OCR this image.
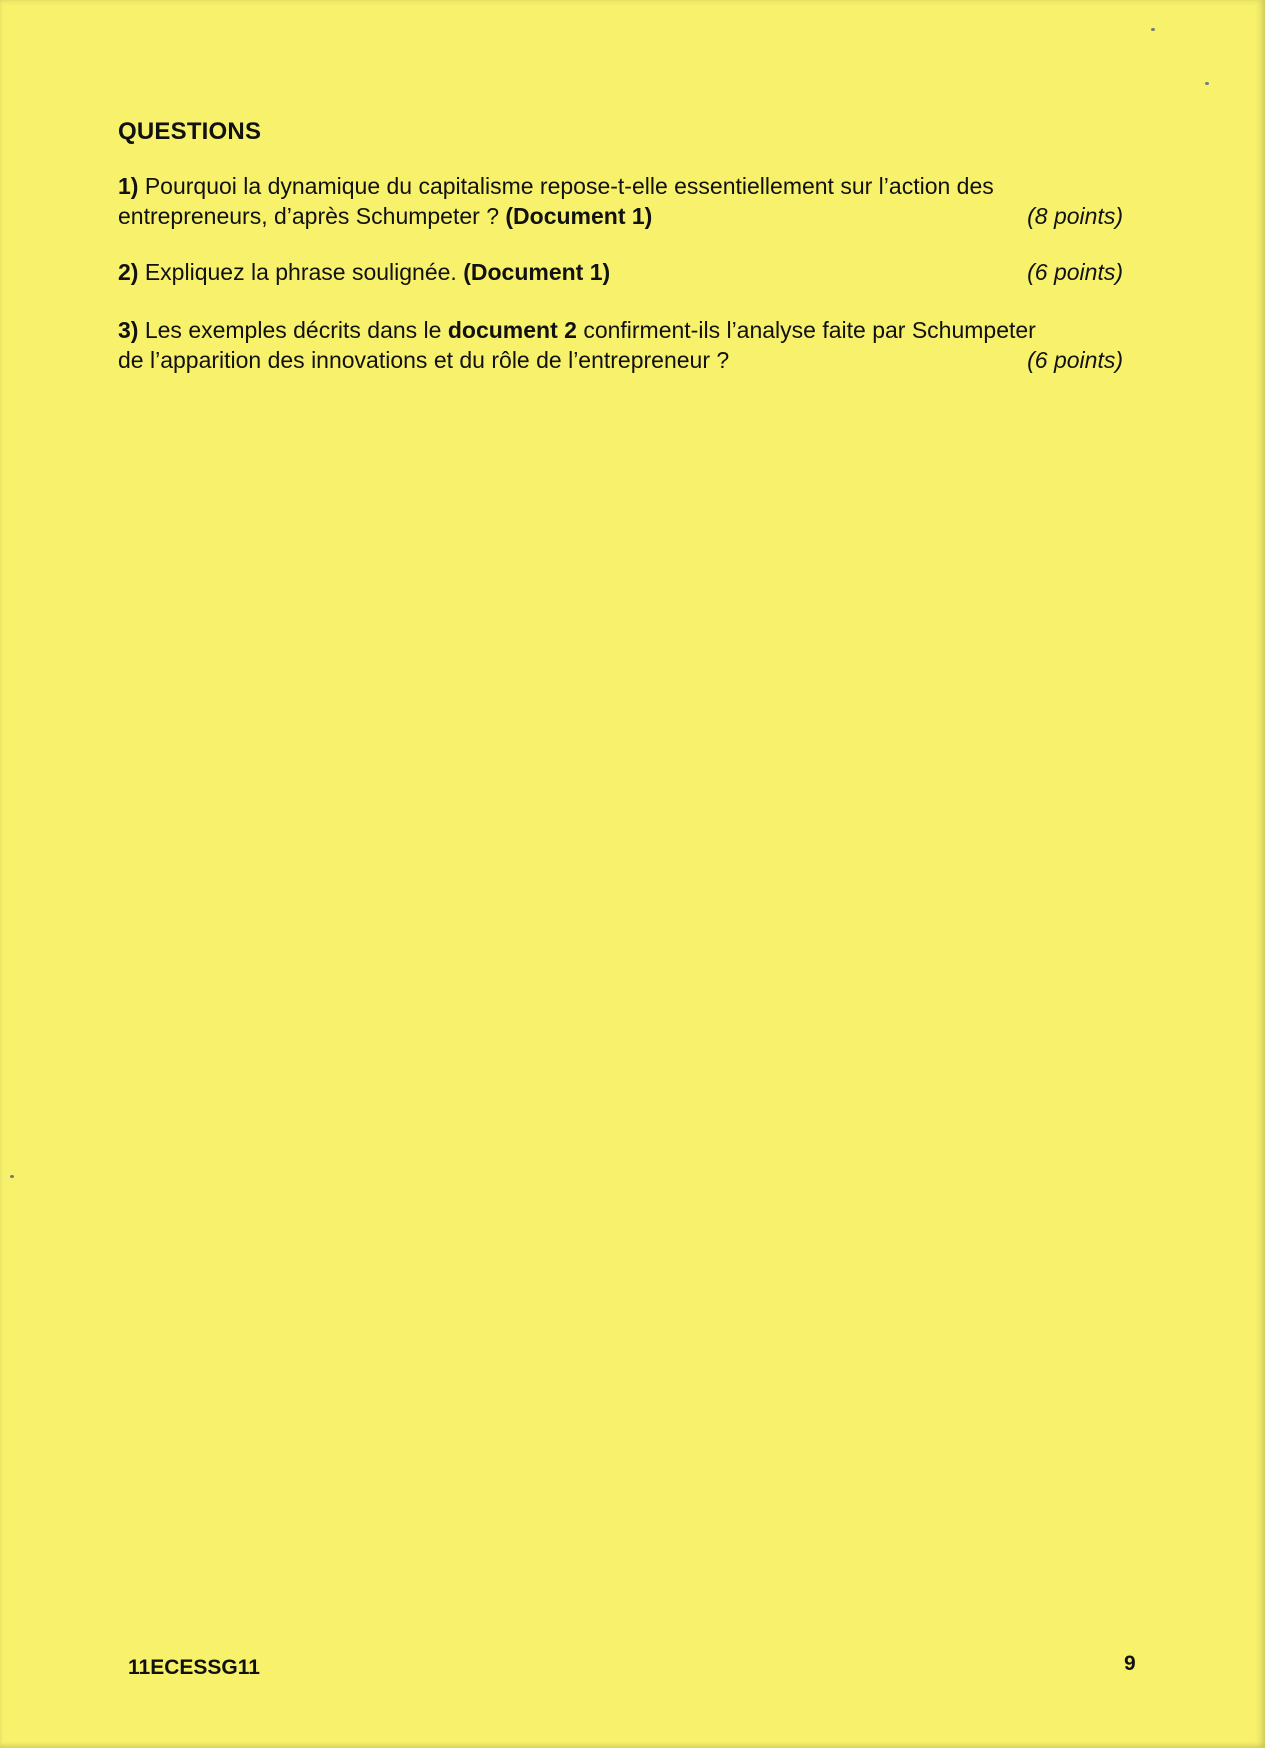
QUESTIONS
1) Pourquoi la dynamique du capitalisme repose-t-elle essentiellement sur l’action des
entrepreneurs, d’après Schumpeter ? (Document 1)	(8 points)
2) Expliquez la phrase soulignée. (Document 1)	(6 points)
3) Les exemples décrits dans le document 2 confirment-ils l’analyse faite par Schumpeter
de l’apparition des innovations et du rôle de l’entrepreneur ?	(6 points)
11ECESSG11	9
